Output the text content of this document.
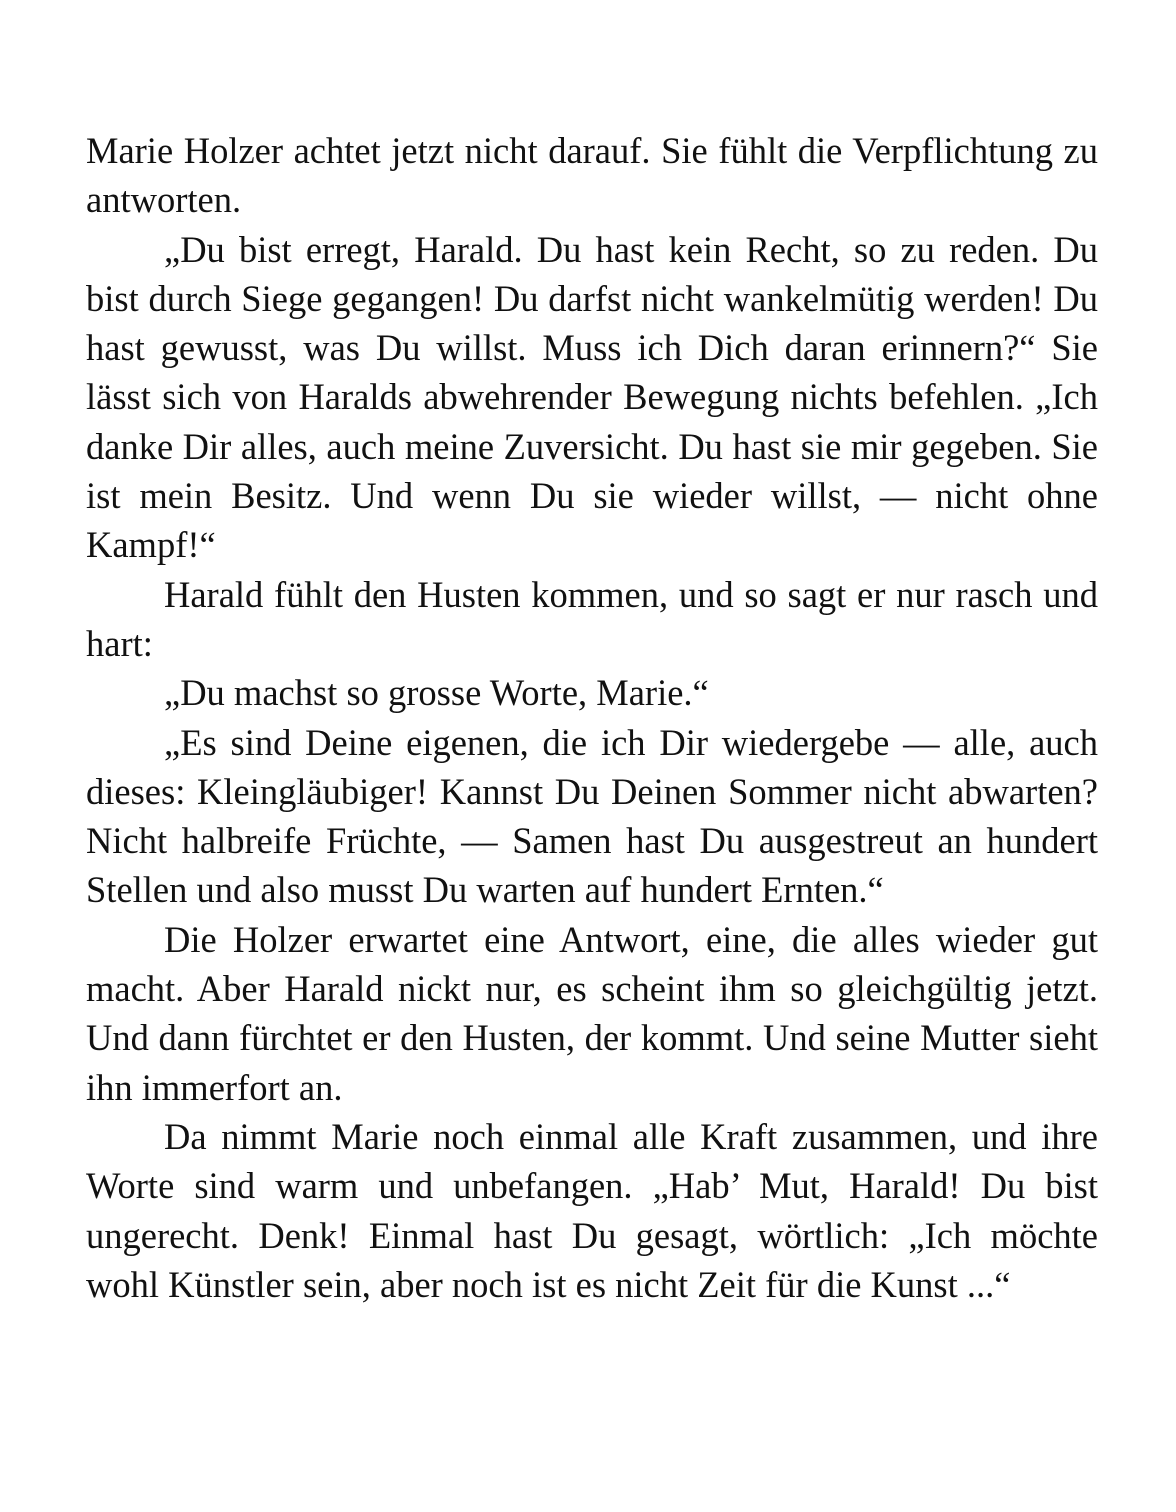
Marie Holzer achtet jetzt nicht darauf. Sie fühlt die Verpflichtung zu antworten.

„Du bist erregt, Harald. Du hast kein Recht, so zu reden. Du bist durch Siege gegangen! Du darfst nicht wankelmütig werden! Du hast gewusst, was Du willst. Muss ich Dich daran erinnern?“ Sie lässt sich von Haralds abwehrender Bewegung nichts befehlen. „Ich danke Dir alles, auch meine Zuversicht. Du hast sie mir gegeben. Sie ist mein Besitz. Und wenn Du sie wieder willst, — nicht ohne Kampf!“

Harald fühlt den Husten kommen, und so sagt er nur rasch und hart:

„Du machst so grosse Worte, Marie.“

„Es sind Deine eigenen, die ich Dir wiedergebe — alle, auch dieses: Kleingläubiger! Kannst Du Deinen Sommer nicht abwarten? Nicht halbreife Früchte, — Samen hast Du ausgestreut an hundert Stellen und also musst Du warten auf hundert Ernten.“

Die Holzer erwartet eine Antwort, eine, die alles wieder gut macht. Aber Harald nickt nur, es scheint ihm so gleichgültig jetzt. Und dann fürchtet er den Husten, der kommt. Und seine Mutter sieht ihn immerfort an.

Da nimmt Marie noch einmal alle Kraft zusammen, und ihre Worte sind warm und unbefangen. „Hab’ Mut, Harald! Du bist ungerecht. Denk! Einmal hast Du gesagt, wörtlich: „Ich möchte wohl Künstler sein, aber noch ist es nicht Zeit für die Kunst ...“
